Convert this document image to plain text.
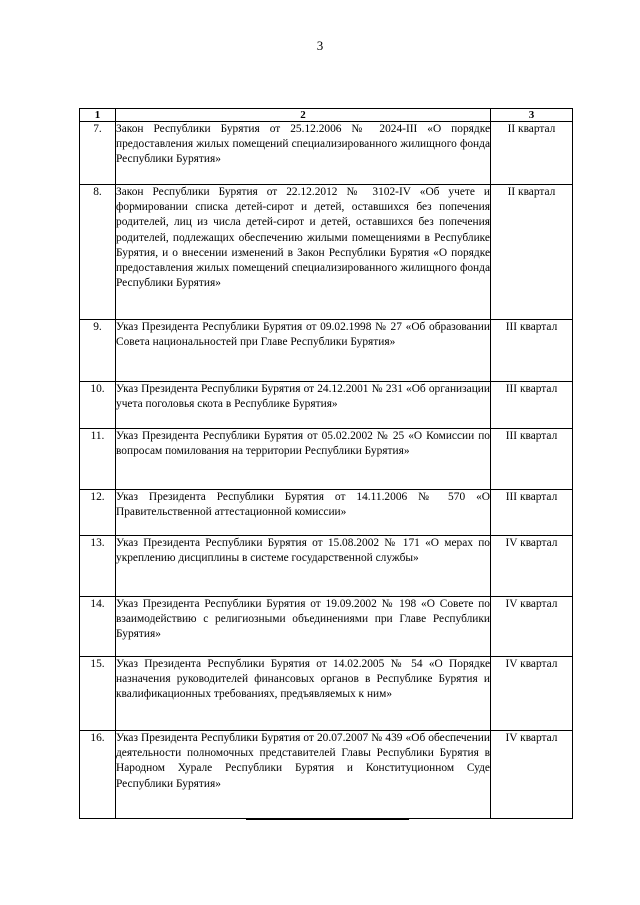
3
1	2	3
7.	Закон Республики Бурятия от 25.12.2006 № 2024-III «О порядке предоставления жилых помещений специализированного жилищного фонда Республики Бурятия»	II квартал
8.	Закон Республики Бурятия от 22.12.2012 № 3102-IV «Об учете и формировании списка детей-сирот и детей, оставшихся без попечения родителей, лиц из числа детей-сирот и детей, оставшихся без попечения родителей, подлежащих обеспечению жилыми помещениями в Республике Бурятия, и о внесении изменений в Закон Республики Бурятия «О порядке предоставления жилых помещений специализированного жилищного фонда Республики Бурятия»	II квартал
9.	Указ Президента Республики Бурятия от 09.02.1998 № 27 «Об образовании Совета национальностей при Главе Республики Бурятия»	III квартал
10.	Указ Президента Республики Бурятия от 24.12.2001 № 231 «Об организации учета поголовья скота в Республике Бурятия»	III квартал
11.	Указ Президента Республики Бурятия от 05.02.2002 № 25 «О Комиссии по вопросам помилования на территории Республики Бурятия»	III квартал
12.	Указ Президента Республики Бурятия от 14.11.2006 № 570 «О Правительственной аттестационной комиссии»	III квартал
13.	Указ Президента Республики Бурятия от 15.08.2002 № 171 «О мерах по укреплению дисциплины в системе государственной службы»	IV квартал
14.	Указ Президента Республики Бурятия от 19.09.2002 № 198 «О Совете по взаимодействию с религиозными объединениями при Главе Республики Бурятия»	IV квартал
15.	Указ Президента Республики Бурятия от 14.02.2005 № 54 «О Порядке назначения руководителей финансовых органов в Республике Бурятия и квалификационных требованиях, предъявляемых к ним»	IV квартал
16.	Указ Президента Республики Бурятия от 20.07.2007 № 439 «Об обеспечении деятельности полномочных представителей Главы Республики Бурятия в Народном Хурале Республики Бурятия и Конституционном Суде Республики Бурятия»	IV квартал
